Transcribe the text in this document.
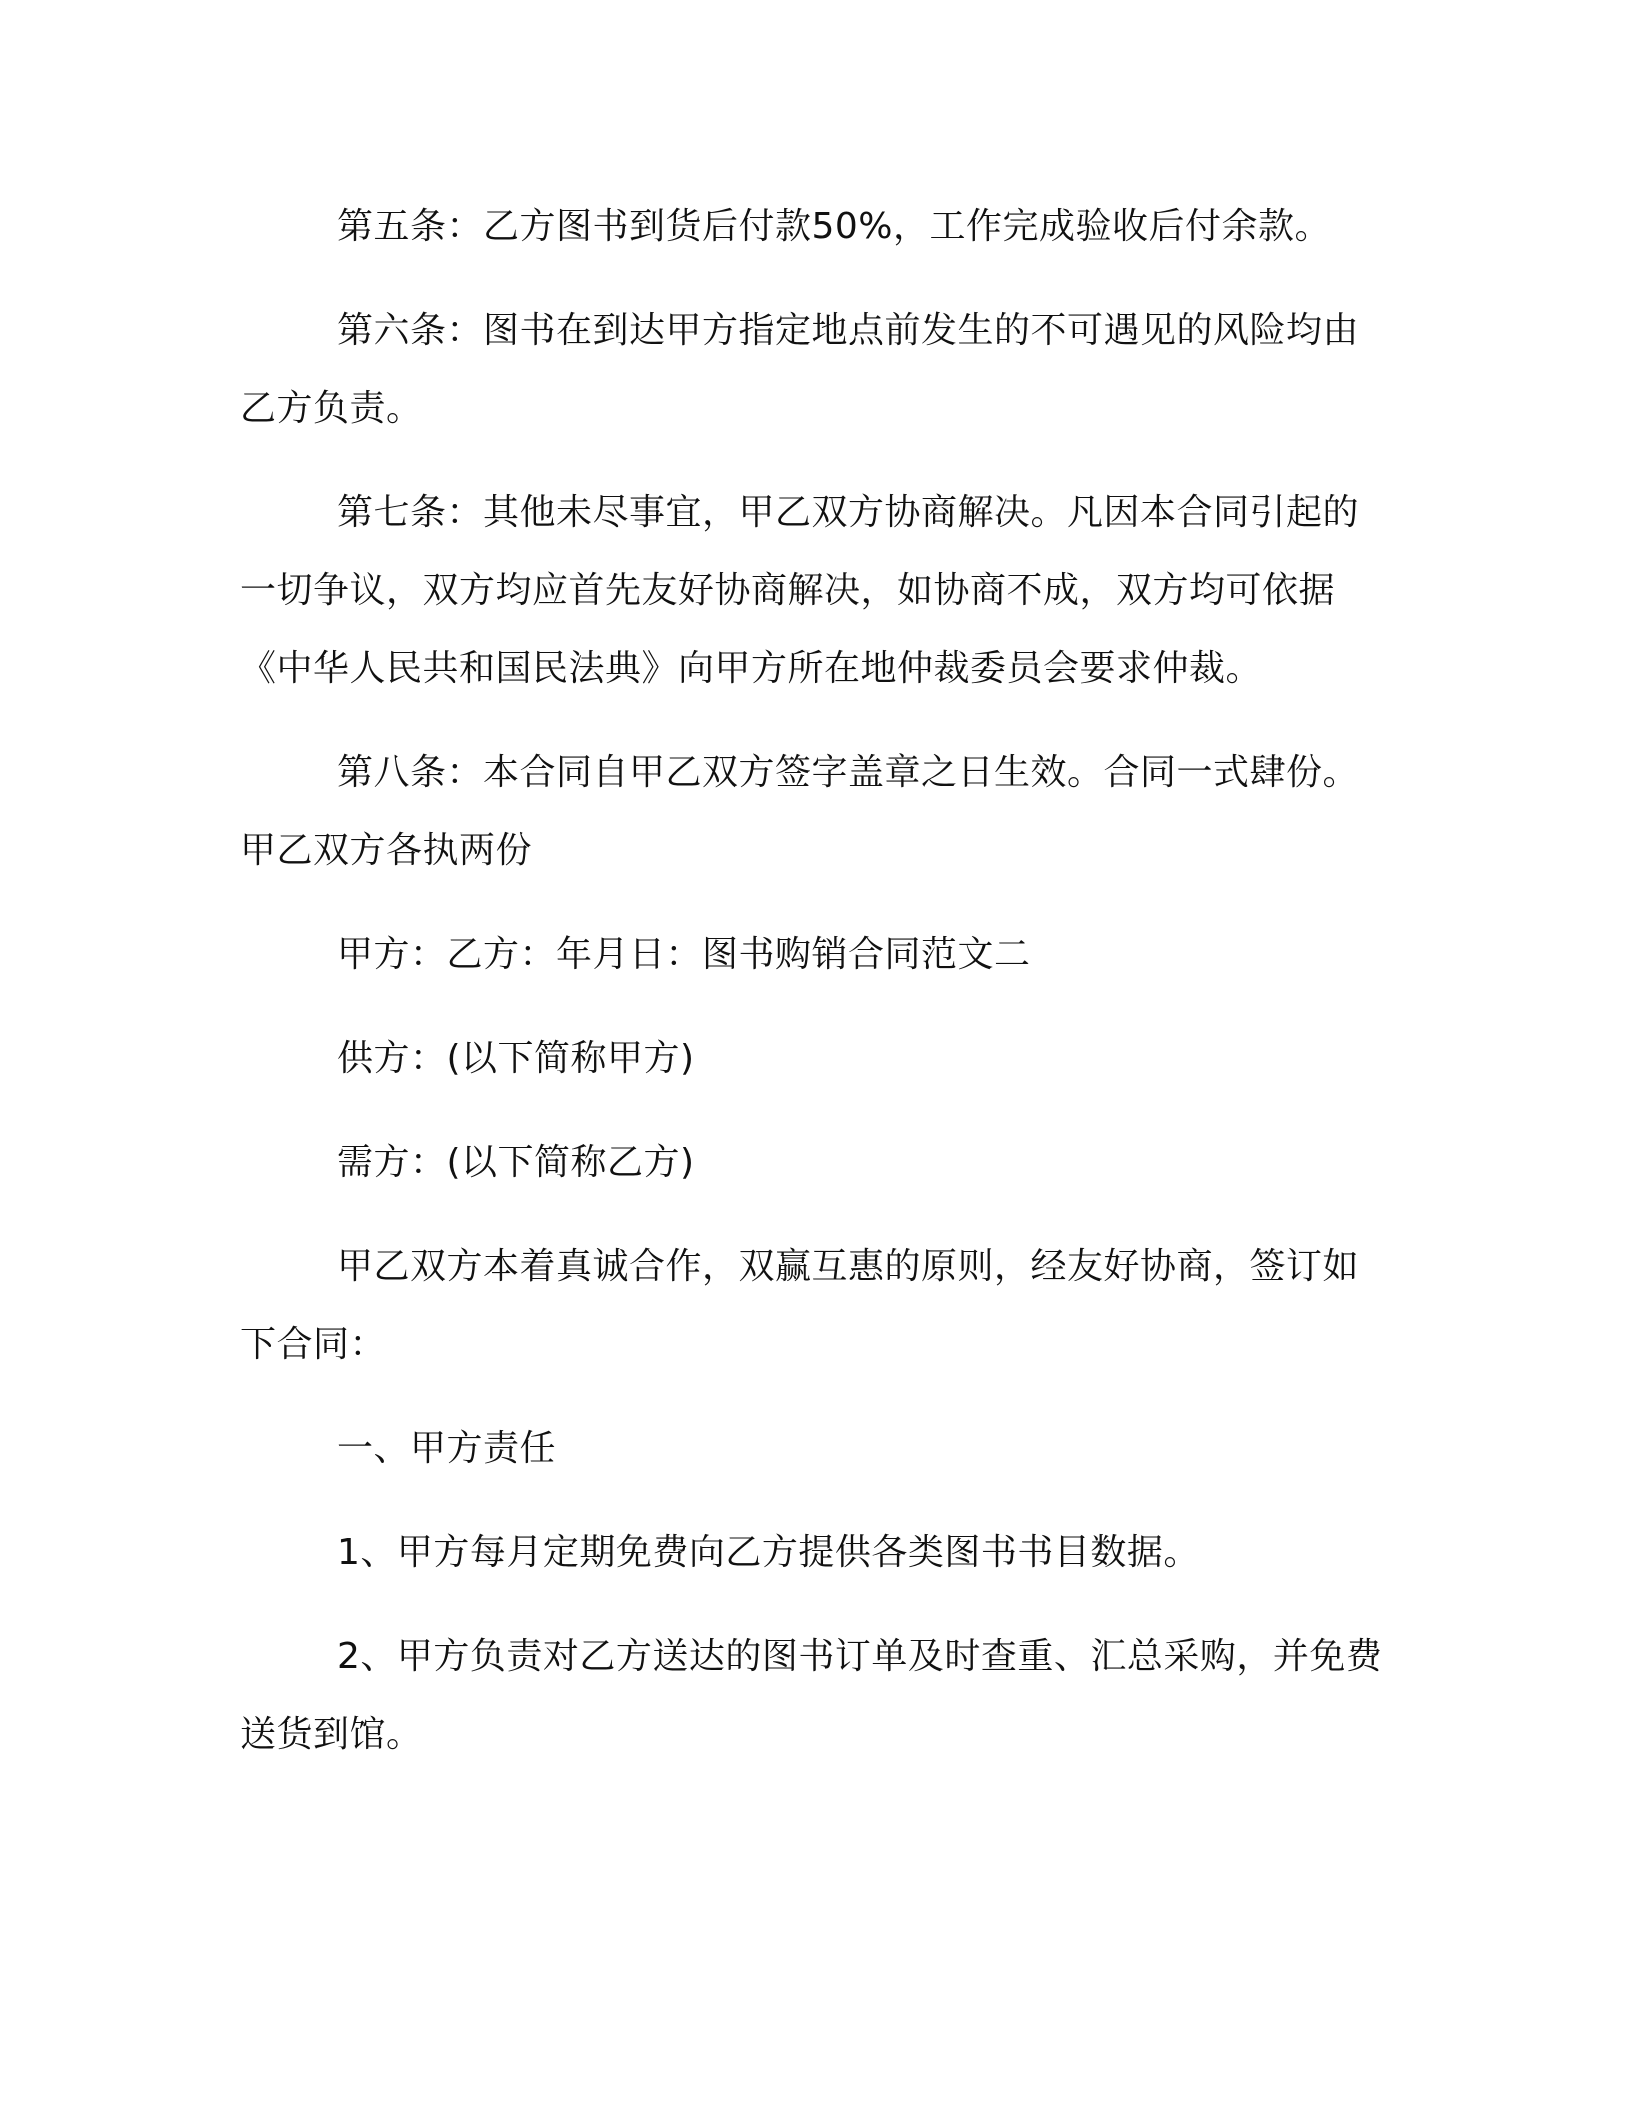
第五条：乙方图书到货后付款50%，工作完成验收后付余款。

第六条：图书在到达甲方指定地点前发生的不可遇见的风险均由乙方负责。

第七条：其他未尽事宜，甲乙双方协商解决。凡因本合同引起的一切争议，双方均应首先友好协商解决，如协商不成，双方均可依据《中华人民共和国民法典》向甲方所在地仲裁委员会要求仲裁。

第八条：本合同自甲乙双方签字盖章之日生效。合同一式肆份。甲乙双方各执两份

甲方：乙方：年月日：图书购销合同范文二

供方：(以下简称甲方)

需方：(以下简称乙方)

甲乙双方本着真诚合作，双赢互惠的原则，经友好协商，签订如下合同：

一、甲方责任

1、甲方每月定期免费向乙方提供各类图书书目数据。

2、甲方负责对乙方送达的图书订单及时查重、汇总采购，并免费送货到馆。
